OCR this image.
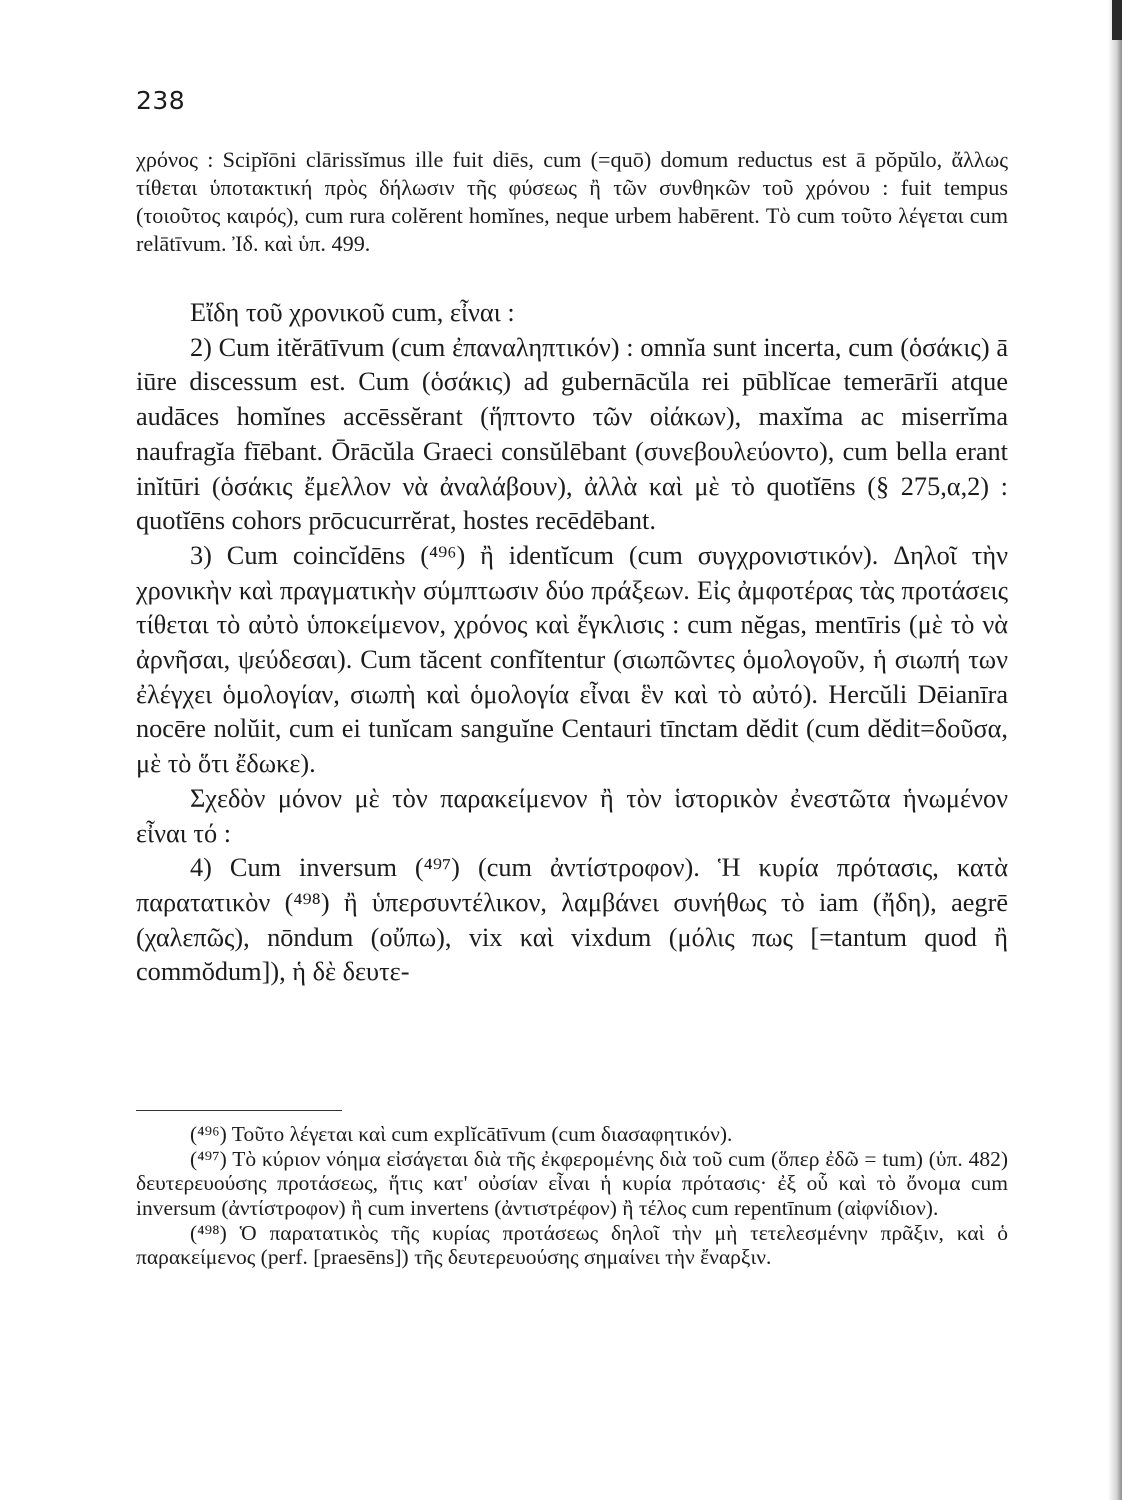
238

χρόνος : Scipĭōni clārissĭmus ille fuit diēs, cum (=quō) domum reductus est ā pŏpŭlo, ἄλλως τίθεται ὑποτακτική πρὸς δήλωσιν τῆς φύσεως ἢ τῶν συνθηκῶν τοῦ χρόνου : fuit tempus (τοιοῦτος καιρός), cum rura colĕrent homĭnes, neque urbem habērent. Τὸ cum τοῦτο λέγεται cum relātīvum. Ἰδ. καὶ ὑπ. 499.

Εἴδη τοῦ χρονικοῦ cum, εἶναι :

2) Cum itĕrātīvum (cum ἐπαναληπτικόν) : omnĭa sunt incerta, cum (ὁσάκις) ā iūre discessum est. Cum (ὁσάκις) ad gubernācŭla rei pūblĭcae temerārĭi atque audāces homĭnes accēssĕrant (ἥπτοντο τῶν οἰάκων), maxĭma ac miserrĭma naufragĭa fīēbant. Ōrācŭla Graeci consŭlēbant (συνεβουλεύοντο), cum bella erant inĭtūri (ὁσάκις ἔμελλον νὰ ἀναλάβουν), ἀλλὰ καὶ μὲ τὸ quotĭēns (§ 275,α,2) : quotĭēns cohors prōcucurrĕrat, hostes recēdēbant.

3) Cum coincĭdēns (⁴⁹⁶) ἢ identĭcum (cum συγχρονιστικόν). Δηλοῖ τὴν χρονικὴν καὶ πραγματικὴν σύμπτωσιν δύο πράξεων. Εἰς ἀμφοτέρας τὰς προτάσεις τίθεται τὸ αὐτὸ ὑποκείμενον, χρόνος καὶ ἔγκλισις : cum nĕgas, mentīris (μὲ τὸ νὰ ἀρνῆσαι, ψεύδεσαι). Cum tăcent confĭtentur (σιωπῶντες ὁμολογοῦν, ἡ σιωπή των ἐλέγχει ὁμολογίαν, σιωπὴ καὶ ὁμολογία εἶναι ἓν καὶ τὸ αὐτό). Hercŭli Dēianīra nocēre nolŭit, cum ei tunĭcam sanguĭne Centauri tīnctam dĕdit (cum dĕdit=δοῦσα, μὲ τὸ ὅτι ἔδωκε).

Σχεδὸν μόνον μὲ τὸν παρακείμενον ἢ τὸν ἱστορικὸν ἐνεστῶτα ἡνωμένον εἶναι τό :

4) Cum inversum (⁴⁹⁷) (cum ἀντίστροφον). Ἡ κυρία πρότασις, κατὰ παρατατικὸν (⁴⁹⁸) ἢ ὑπερσυντέλικον, λαμβάνει συνήθως τὸ iam (ἤδη), aegrē (χαλεπῶς), nōndum (οὔπω), vix καὶ vixdum (μόλις πως [=tantum quod ἢ commŏdum]), ἡ δὲ δευτε-

(⁴⁹⁶) Τοῦτο λέγεται καὶ cum explĭcātīvum (cum διασαφητικόν).

(⁴⁹⁷) Τὸ κύριον νόημα εἰσάγεται διὰ τῆς ἐκφερομένης διὰ τοῦ cum (ὅπερ ἐδῶ = tum) (ὑπ. 482) δευτερευούσης προτάσεως, ἥτις κατ' οὐσίαν εἶναι ἡ κυρία πρότασις· ἐξ οὗ καὶ τὸ ὄνομα cum inversum (ἀντίστροφον) ἢ cum invertens (ἀντιστρέφον) ἢ τέλος cum repentīnum (αἰφνίδιον).

(⁴⁹⁸) Ὁ παρατατικὸς τῆς κυρίας προτάσεως δηλοῖ τὴν μὴ τετελεσμένην πρᾶξιν, καὶ ὁ παρακείμενος (perf. [praesēns]) τῆς δευτερευούσης σημαίνει τὴν ἔναρξιν.
